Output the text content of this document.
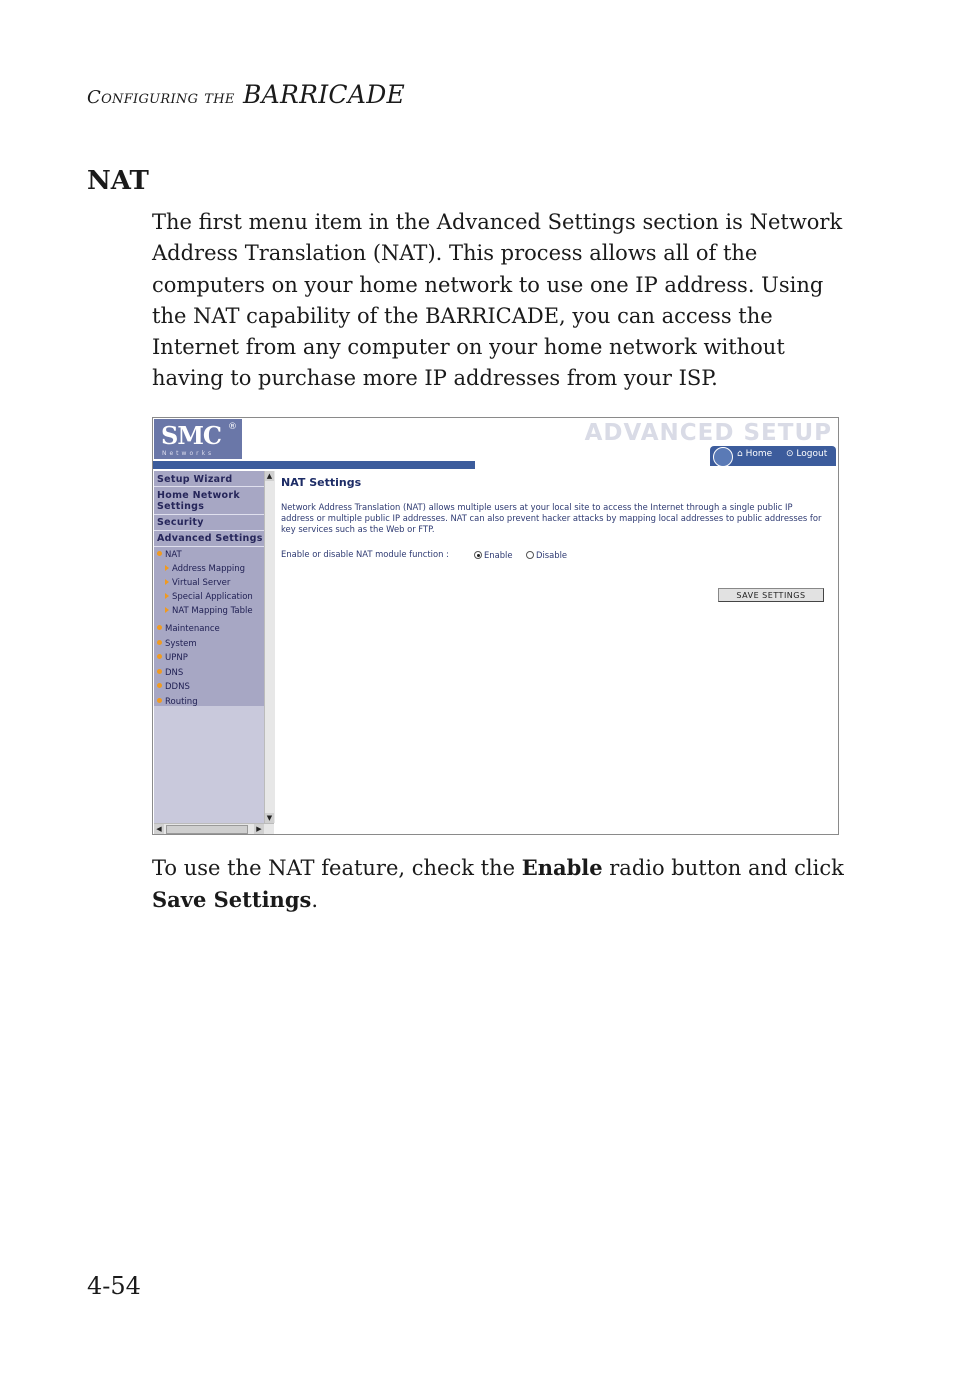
Configuring the BARRICADE
NAT

The first menu item in the Advanced Settings section is Network Address Translation (NAT). This process allows all of the computers on your home network to use one IP address. Using the NAT capability of the BARRICADE, you can access the Internet from any computer on your home network without having to purchase more IP addresses from your ISP.

SMC ®
Networks
ADVANCED SETUP
⌂ Home ⊙ Logout
Setup Wizard
Home Network Settings
Security
Advanced Settings
NAT
Address Mapping
Virtual Server
Special Application
NAT Mapping Table
Maintenance
System
UPNP
DNS
DDNS
Routing
▲
▼
◀	▶
NAT Settings
Network Address Translation (NAT) allows multiple users at your local site to access the Internet through a single public IP address or multiple public IP addresses. NAT can also prevent hacker attacks by mapping local addresses to public addresses for key services such as the Web or FTP.
Enable or disable NAT module function :	Enable	Disable
SAVE SETTINGS

To use the NAT feature, check the Enable radio button and click Save Settings.

4-54
